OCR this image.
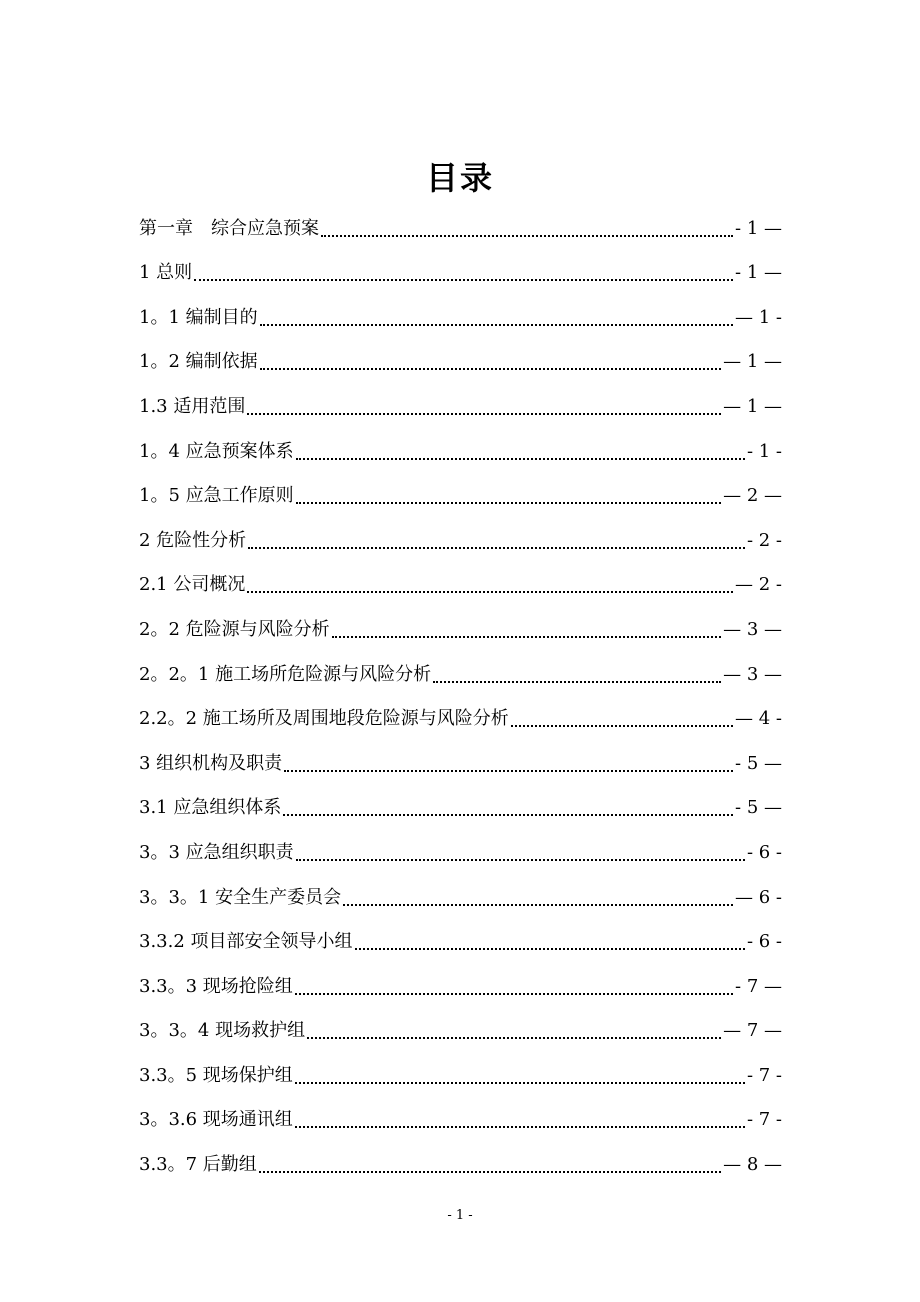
目录
第一章　综合应急预案	- 1 —
1 总则	- 1 —
1。1 编制目的	— 1 -
1。2 编制依据	— 1 —
1.3 适用范围	— 1 —
1。4 应急预案体系	- 1 -
1。5 应急工作原则	— 2 —
2 危险性分析	- 2 -
2.1 公司概况	— 2 -
2。2 危险源与风险分析	— 3 —
2。2。1 施工场所危险源与风险分析	— 3 —
2.2。2 施工场所及周围地段危险源与风险分析	— 4 -
3 组织机构及职责	- 5 —
3.1 应急组织体系	- 5 —
3。3 应急组织职责	- 6 -
3。3。1 安全生产委员会	— 6 -
3.3.2 项目部安全领导小组	- 6 -
3.3。3 现场抢险组	- 7 —
3。3。4 现场救护组	— 7 —
3.3。5 现场保护组	- 7 -
3。3.6 现场通讯组	- 7 -
3.3。7 后勤组	— 8 —
- 1 -
